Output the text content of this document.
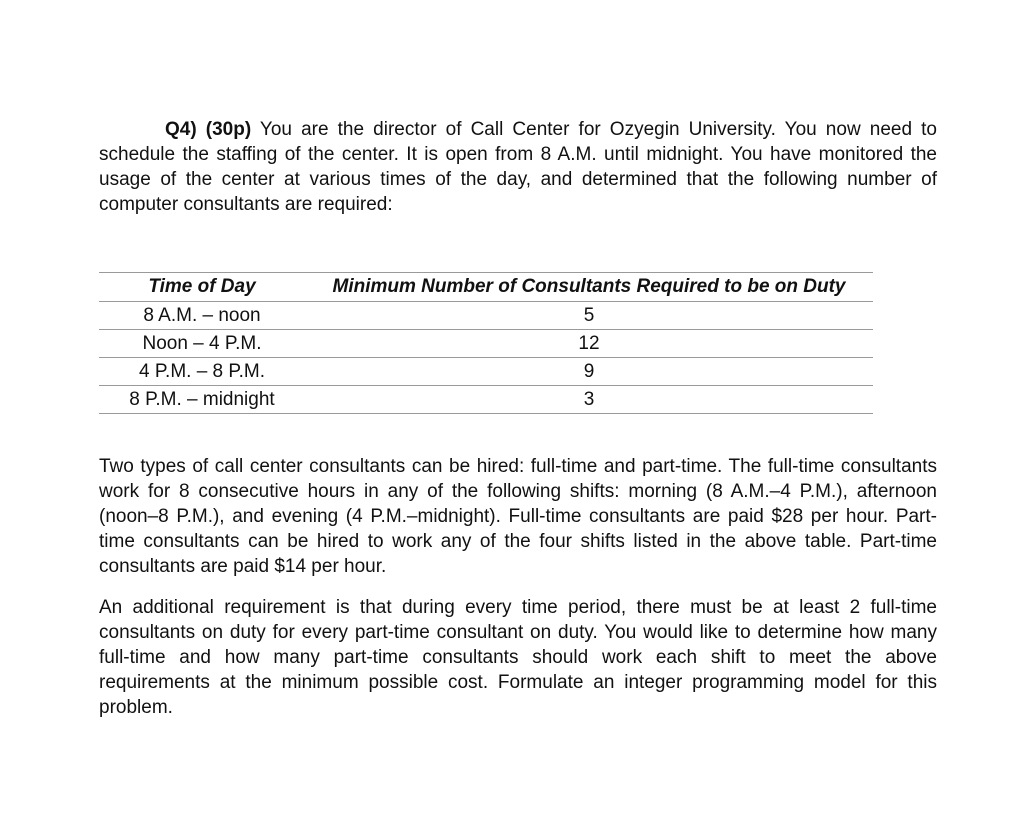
Q4) (30p) You are the director of Call Center for Ozyegin University. You now need to schedule the staffing of the center. It is open from 8 A.M. until midnight. You have monitored the usage of the center at various times of the day, and determined that the following number of computer consultants are required:

Time of Day	Minimum Number of Consultants Required to be on Duty
8 A.M. – noon	5
Noon – 4 P.M.	12
4 P.M. – 8 P.M.	9
8 P.M. – midnight	3

Two types of call center consultants can be hired: full-time and part-time. The full-time consultants work for 8 consecutive hours in any of the following shifts: morning (8 A.M.–4 P.M.), afternoon (noon–8 P.M.), and evening (4 P.M.–midnight). Full-time consultants are paid $28 per hour. Part-time consultants can be hired to work any of the four shifts listed in the above table. Part-time consultants are paid $14 per hour.

An additional requirement is that during every time period, there must be at least 2 full-time consultants on duty for every part-time consultant on duty. You would like to determine how many full-time and how many part-time consultants should work each shift to meet the above requirements at the minimum possible cost. Formulate an integer programming model for this problem.
